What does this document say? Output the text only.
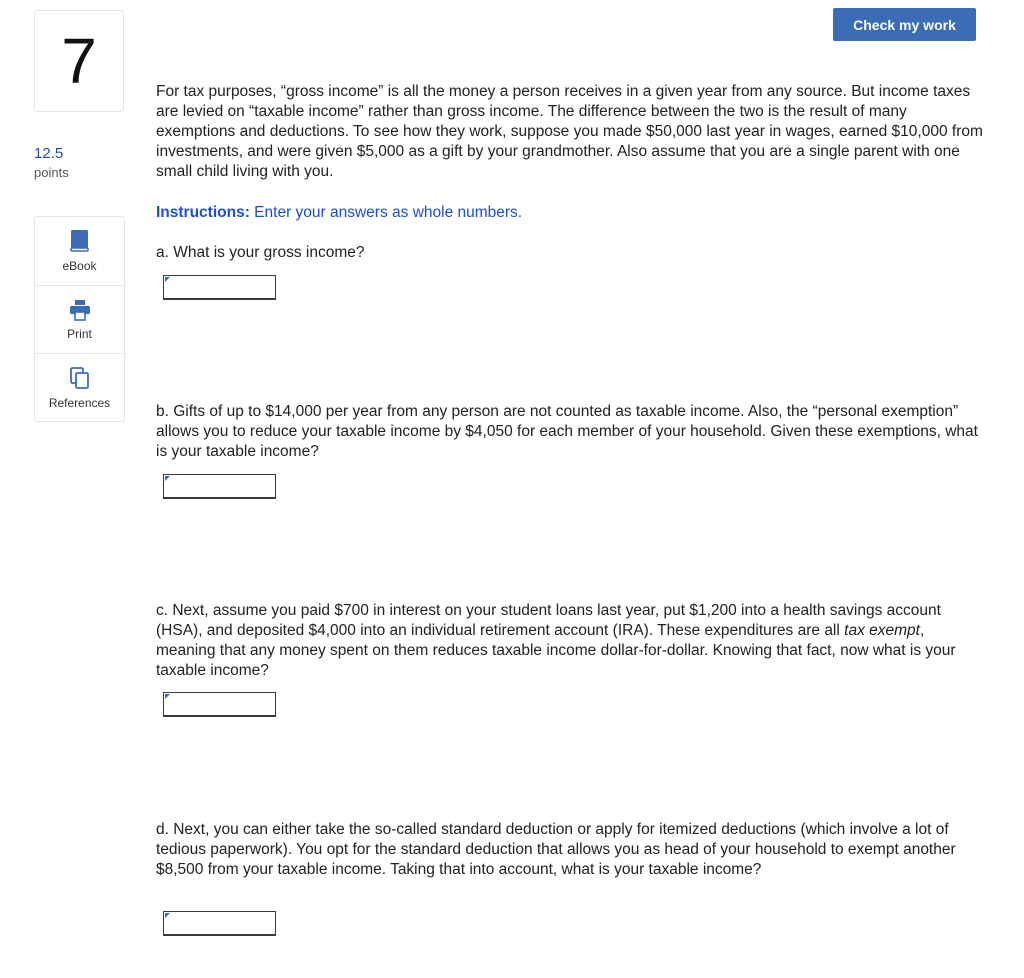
7
12.5
points
eBook
Print
References
Check my work

For tax purposes, “gross income” is all the money a person receives in a given year from any source. But income taxes are levied on “taxable income” rather than gross income. The difference between the two is the result of many exemptions and deductions. To see how they work, suppose you made $50,000 last year in wages, earned $10,000 from investments, and were given $5,000 as a gift by your grandmother. Also assume that you are a single parent with one small child living with you.

Instructions: Enter your answers as whole numbers.
a. What is your gross income?
b. Gifts of up to $14,000 per year from any person are not counted as taxable income. Also, the “personal exemption” allows you to reduce your taxable income by $4,050 for each member of your household. Given these exemptions, what is your taxable income?
c. Next, assume you paid $700 in interest on your student loans last year, put $1,200 into a health savings account (HSA), and deposited $4,000 into an individual retirement account (IRA). These expenditures are all tax exempt, meaning that any money spent on them reduces taxable income dollar-for-dollar. Knowing that fact, now what is your taxable income?
d. Next, you can either take the so-called standard deduction or apply for itemized deductions (which involve a lot of tedious paperwork). You opt for the standard deduction that allows you as head of your household to exempt another $8,500 from your taxable income. Taking that into account, what is your taxable income?
